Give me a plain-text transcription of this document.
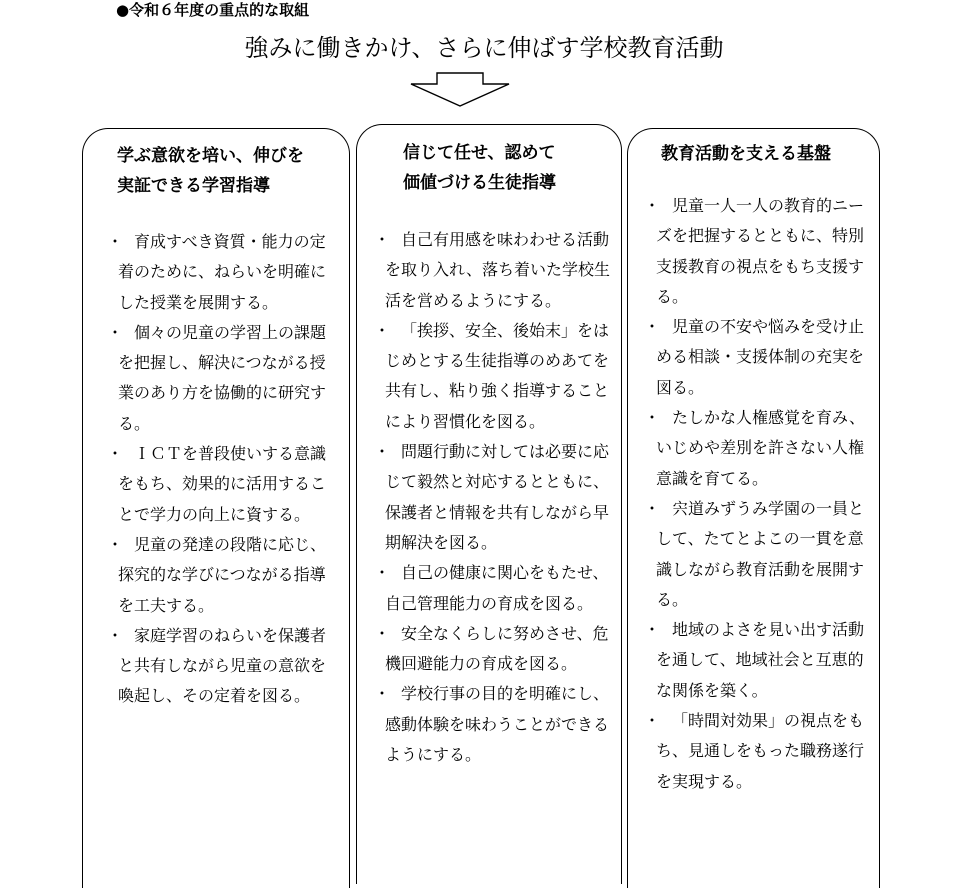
●令和６年度の重点的な取組
強みに働きかけ、さらに伸ばす学校教育活動
学ぶ意欲を培い、伸びを
実証できる学習指導
・ 育成すべき資質・能力の定着のために、ねらいを明確にした授業を展開する。
・ 個々の児童の学習上の課題を把握し、解決につながる授業のあり方を協働的に研究する。
・ ＩＣＴを普段使いする意識をもち、効果的に活用することで学力の向上に資する。
・ 児童の発達の段階に応じ、探究的な学びにつながる指導を工夫する。
・ 家庭学習のねらいを保護者と共有しながら児童の意欲を喚起し、その定着を図る。
信じて任せ、認めて
価値づける生徒指導
・ 自己有用感を味わわせる活動を取り入れ、落ち着いた学校生活を営めるようにする。
・ 「挨拶、安全、後始末」をはじめとする生徒指導のめあてを共有し、粘り強く指導することにより習慣化を図る。
・ 問題行動に対しては必要に応じて毅然と対応するとともに、保護者と情報を共有しながら早期解決を図る。
・ 自己の健康に関心をもたせ、自己管理能力の育成を図る。
・ 安全なくらしに努めさせ、危機回避能力の育成を図る。
・ 学校行事の目的を明確にし、感動体験を味わうことができるようにする。
教育活動を支える基盤
・ 児童一人一人の教育的ニーズを把握するとともに、特別支援教育の視点をもち支援する。
・ 児童の不安や悩みを受け止める相談・支援体制の充実を図る。
・ たしかな人権感覚を育み、いじめや差別を許さない人権意識を育てる。
・ 宍道みずうみ学園の一員として、たてとよこの一貫を意識しながら教育活動を展開する。
・ 地域のよさを見い出す活動を通して、地域社会と互恵的な関係を築く。
・ 「時間対効果」の視点をもち、見通しをもった職務遂行を実現する。
